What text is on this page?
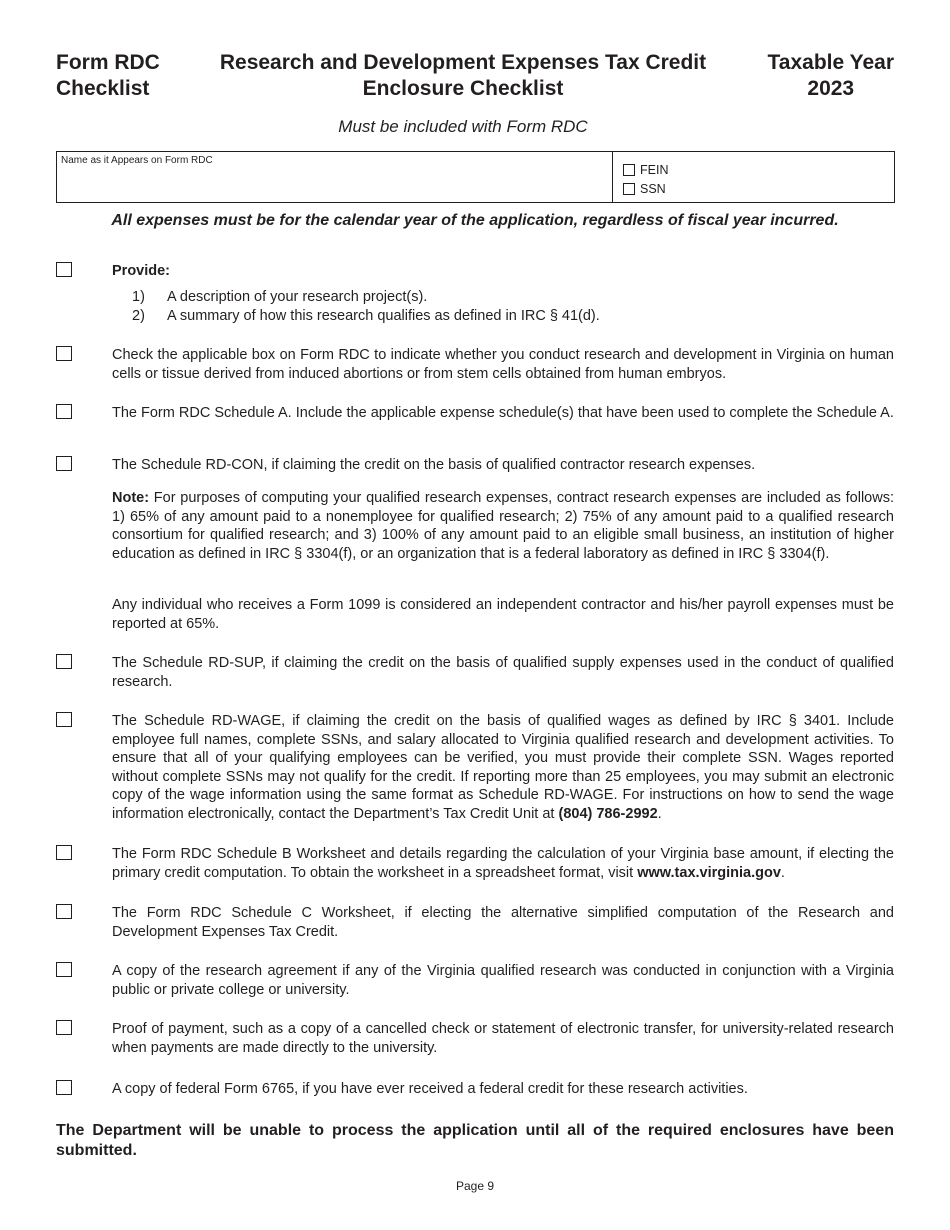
Form RDC
Checklist
Research and Development Expenses Tax Credit
Enclosure Checklist
Taxable Year
2023
Must be included with Form RDC
Name as it Appears on Form RDC
FEIN
SSN
All expenses must be for the calendar year of the application, regardless of fiscal year incurred.
Provide:
1)	A description of your research project(s).
2)	A summary of how this research qualifies as defined in IRC § 41(d).
Check the applicable box on Form RDC to indicate whether you conduct research and development in Virginia on human cells or tissue derived from induced abortions or from stem cells obtained from human embryos.
The Form RDC Schedule A. Include the applicable expense schedule(s) that have been used to complete the Schedule A.
The Schedule RD-CON, if claiming the credit on the basis of qualified contractor research expenses.
Note: For purposes of computing your qualified research expenses, contract research expenses are included as follows: 1) 65% of any amount paid to a nonemployee for qualified research; 2) 75% of any amount paid to a qualified research consortium for qualified research; and 3) 100% of any amount paid to an eligible small business, an institution of higher education as defined in IRC § 3304(f), or an organization that is a federal laboratory as defined in IRC § 3304(f).
Any individual who receives a Form 1099 is considered an independent contractor and his/her payroll expenses must be reported at 65%.
The Schedule RD-SUP, if claiming the credit on the basis of qualified supply expenses used in the conduct of qualified research.
The Schedule RD-WAGE, if claiming the credit on the basis of qualified wages as defined by IRC § 3401. Include employee full names, complete SSNs, and salary allocated to Virginia qualified research and development activities. To ensure that all of your qualifying employees can be verified, you must provide their complete SSN. Wages reported without complete SSNs may not qualify for the credit. If reporting more than 25 employees, you may submit an electronic copy of the wage information using the same format as Schedule RD-WAGE. For instructions on how to send the wage information electronically, contact the Department’s Tax Credit Unit at (804) 786-2992.
The Form RDC Schedule B Worksheet and details regarding the calculation of your Virginia base amount, if electing the primary credit computation. To obtain the worksheet in a spreadsheet format, visit www.tax.virginia.gov.
The Form RDC Schedule C Worksheet, if electing the alternative simplified computation of the Research and Development Expenses Tax Credit.
A copy of the research agreement if any of the Virginia qualified research was conducted in conjunction with a Virginia public or private college or university.
Proof of payment, such as a copy of a cancelled check or statement of electronic transfer, for university-related research when payments are made directly to the university.
A copy of federal Form 6765, if you have ever received a federal credit for these research activities.
The Department will be unable to process the application until all of the required enclosures have been submitted.
Page 9
